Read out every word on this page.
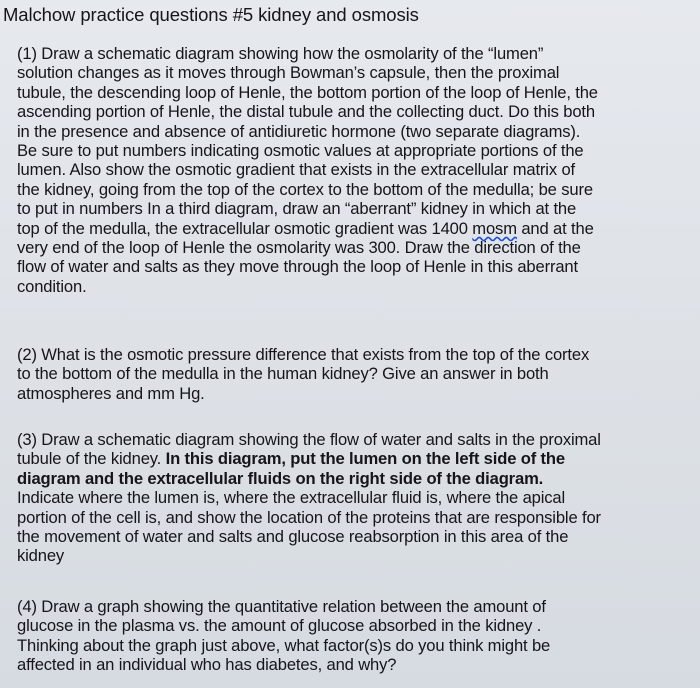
Malchow practice questions #5 kidney and osmosis
(1) Draw a schematic diagram showing how the osmolarity of the “lumen”
solution changes as it moves through Bowman’s capsule, then the proximal
tubule, the descending loop of Henle, the bottom portion of the loop of Henle, the
ascending portion of Henle, the distal tubule and the collecting duct. Do this both
in the presence and absence of antidiuretic hormone (two separate diagrams).
Be sure to put numbers indicating osmotic values at appropriate portions of the
lumen. Also show the osmotic gradient that exists in the extracellular matrix of
the kidney, going from the top of the cortex to the bottom of the medulla; be sure
to put in numbers In a third diagram, draw an “aberrant” kidney in which at the
top of the medulla, the extracellular osmotic gradient was 1400 mosm and at the
very end of the loop of Henle the osmolarity was 300. Draw the direction of the
flow of water and salts as they move through the loop of Henle in this aberrant
condition.
(2) What is the osmotic pressure difference that exists from the top of the cortex
to the bottom of the medulla in the human kidney? Give an answer in both
atmospheres and mm Hg.
(3) Draw a schematic diagram showing the flow of water and salts in the proximal
tubule of the kidney. In this diagram, put the lumen on the left side of the
diagram and the extracellular fluids on the right side of the diagram.
Indicate where the lumen is, where the extracellular fluid is, where the apical
portion of the cell is, and show the location of the proteins that are responsible for
the movement of water and salts and glucose reabsorption in this area of the
kidney
(4) Draw a graph showing the quantitative relation between the amount of
glucose in the plasma vs. the amount of glucose absorbed in the kidney .
Thinking about the graph just above, what factor(s)s do you think might be
affected in an individual who has diabetes, and why?
